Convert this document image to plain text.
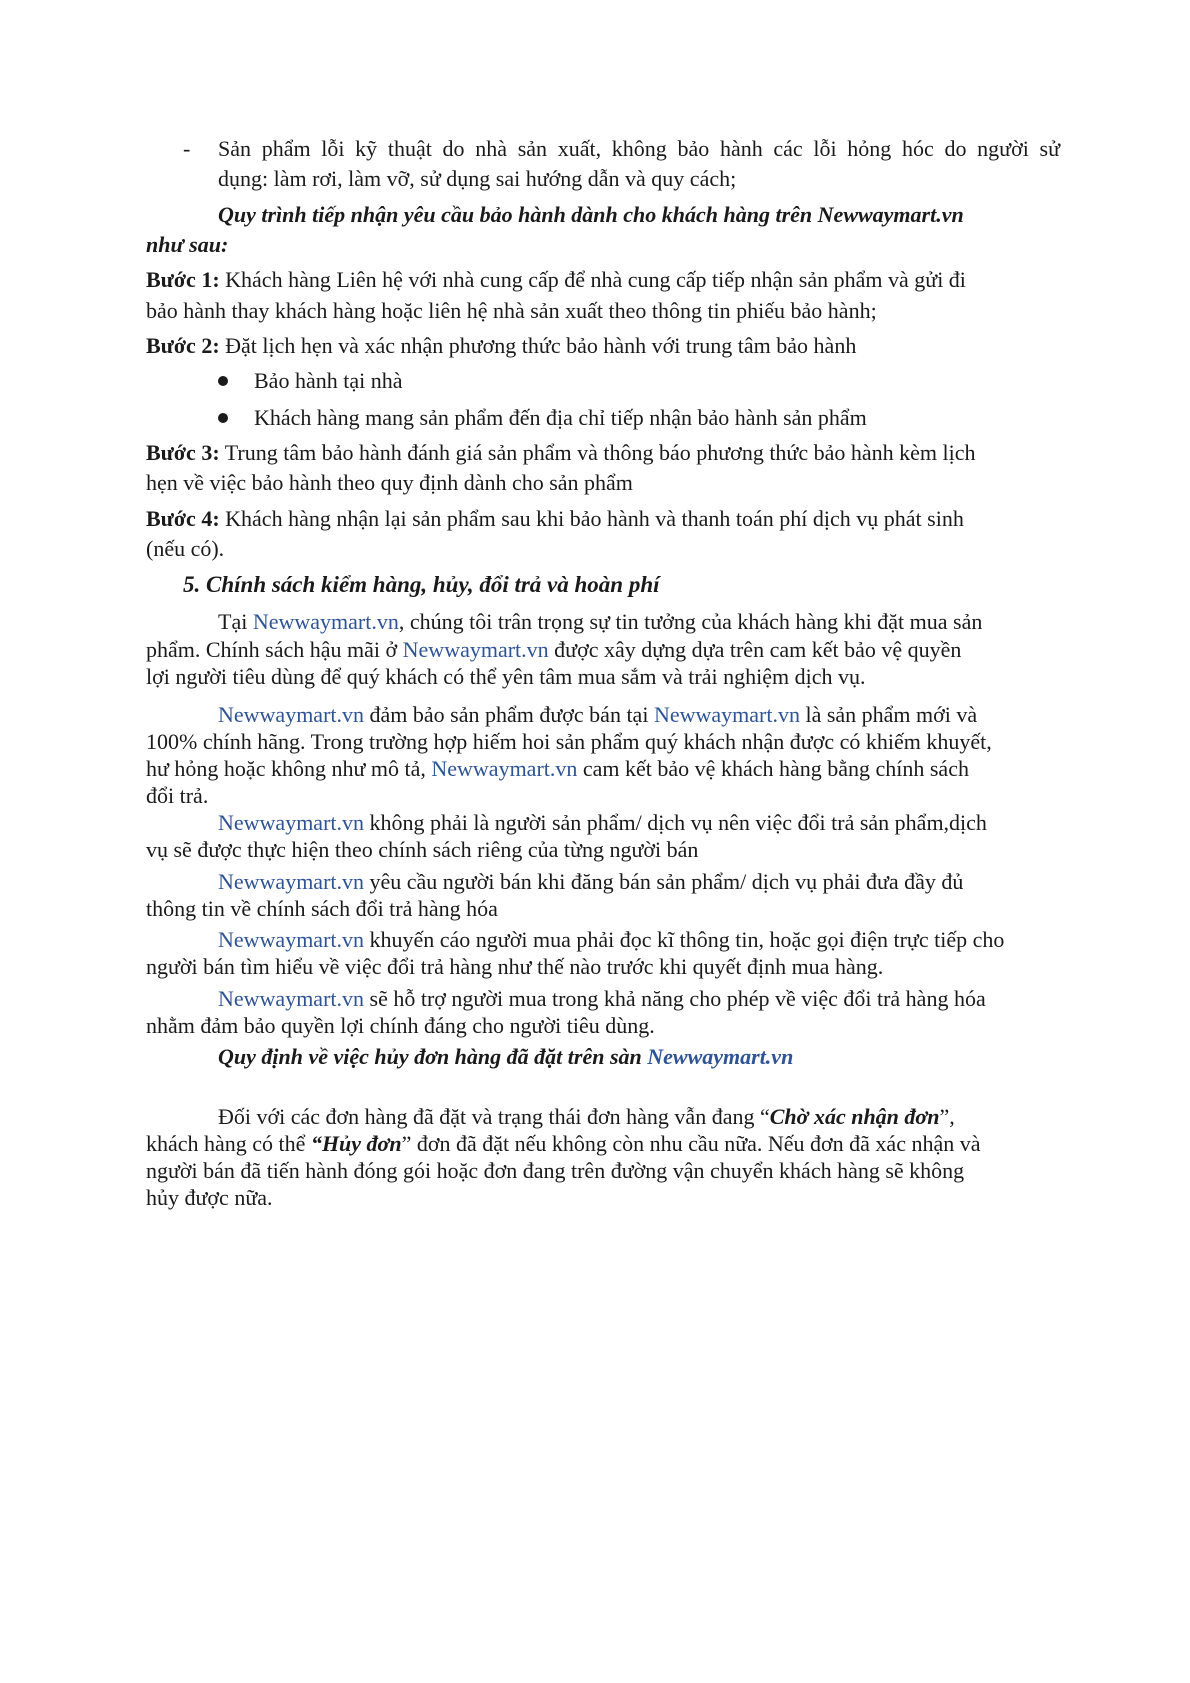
- Sản phẩm lỗi kỹ thuật do nhà sản xuất, không bảo hành các lỗi hỏng hóc do người sử
dụng: làm rơi, làm vỡ, sử dụng sai hướng dẫn và quy cách;
Quy trình tiếp nhận yêu cầu bảo hành dành cho khách hàng trên Newwaymart.vn
như sau:
Bước 1: Khách hàng Liên hệ với nhà cung cấp để nhà cung cấp tiếp nhận sản phẩm và gửi đi
bảo hành thay khách hàng hoặc liên hệ nhà sản xuất theo thông tin phiếu bảo hành;
Bước 2: Đặt lịch hẹn và xác nhận phương thức bảo hành với trung tâm bảo hành
Bảo hành tại nhà
Khách hàng mang sản phẩm đến địa chỉ tiếp nhận bảo hành sản phẩm
Bước 3: Trung tâm bảo hành đánh giá sản phẩm và thông báo phương thức bảo hành kèm lịch
hẹn về việc bảo hành theo quy định dành cho sản phẩm
Bước 4: Khách hàng nhận lại sản phẩm sau khi bảo hành và thanh toán phí dịch vụ phát sinh
(nếu có).
5. Chính sách kiểm hàng, hủy, đổi trả và hoàn phí
Tại Newwaymart.vn, chúng tôi trân trọng sự tin tưởng của khách hàng khi đặt mua sản
phẩm. Chính sách hậu mãi ở Newwaymart.vn được xây dựng dựa trên cam kết bảo vệ quyền
lợi người tiêu dùng để quý khách có thể yên tâm mua sắm và trải nghiệm dịch vụ.
Newwaymart.vn đảm bảo sản phẩm được bán tại Newwaymart.vn là sản phẩm mới và
100% chính hãng. Trong trường hợp hiếm hoi sản phẩm quý khách nhận được có khiếm khuyết,
hư hỏng hoặc không như mô tả, Newwaymart.vn cam kết bảo vệ khách hàng bằng chính sách
đổi trả.
Newwaymart.vn không phải là người sản phẩm/ dịch vụ nên việc đổi trả sản phẩm,dịch
vụ sẽ được thực hiện theo chính sách riêng của từng người bán
Newwaymart.vn yêu cầu người bán khi đăng bán sản phẩm/ dịch vụ phải đưa đầy đủ
thông tin về chính sách đổi trả hàng hóa
Newwaymart.vn khuyến cáo người mua phải đọc kĩ thông tin, hoặc gọi điện trực tiếp cho
người bán tìm hiểu về việc đổi trả hàng như thế nào trước khi quyết định mua hàng.
Newwaymart.vn sẽ hỗ trợ người mua trong khả năng cho phép về việc đổi trả hàng hóa
nhằm đảm bảo quyền lợi chính đáng cho người tiêu dùng.
Quy định về việc hủy đơn hàng đã đặt trên sàn Newwaymart.vn
Đối với các đơn hàng đã đặt và trạng thái đơn hàng vẫn đang “Chờ xác nhận đơn”,
khách hàng có thể “Hủy đơn” đơn đã đặt nếu không còn nhu cầu nữa. Nếu đơn đã xác nhận và
người bán đã tiến hành đóng gói hoặc đơn đang trên đường vận chuyển khách hàng sẽ không
hủy được nữa.
